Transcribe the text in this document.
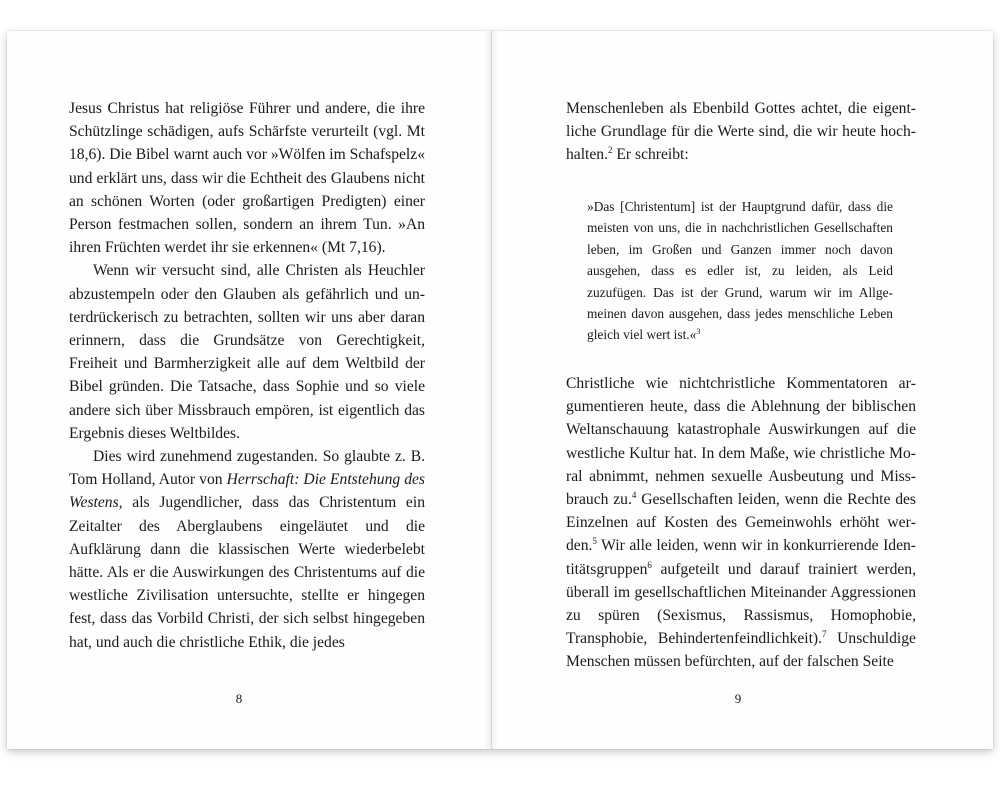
Jesus Christus hat religiöse Führer und andere, die ihre Schützlinge schädigen, aufs Schärfste verurteilt (vgl. Mt 18,6). Die Bibel warnt auch vor »Wölfen im Schafspelz« und erklärt uns, dass wir die Echtheit des Glaubens nicht an schönen Worten (oder großartigen Predigten) einer Person festmachen sollen, sondern an ihrem Tun. »An ihren Früchten werdet ihr sie erkennen« (Mt 7,16).

Wenn wir versucht sind, alle Christen als Heuchler abzustempeln oder den Glauben als gefährlich und unterdrückerisch zu betrachten, sollten wir uns aber daran erinnern, dass die Grundsätze von Gerechtigkeit, Freiheit und Barmherzigkeit alle auf dem Weltbild der Bibel gründen. Die Tatsache, dass Sophie und so viele andere sich über Missbrauch empören, ist eigentlich das Ergebnis dieses Weltbildes.

Dies wird zunehmend zugestanden. So glaubte z. B. Tom Holland, Autor von Herrschaft: Die Entstehung des Westens, als Jugendlicher, dass das Christentum ein Zeitalter des Aberglaubens eingeläutet und die Aufklärung dann die klassischen Werte wiederbelebt hätte. Als er die Auswirkungen des Christentums auf die westliche Zivilisation untersuchte, stellte er hingegen fest, dass das Vorbild Christi, der sich selbst hingegeben hat, und auch die christliche Ethik, die jedes

8

Menschenleben als Ebenbild Gottes achtet, die eigentliche Grundlage für die Werte sind, die wir heute hochhalten.$^2$ Er schreibt:

»Das [Christentum] ist der Hauptgrund dafür, dass die meisten von uns, die in nachchristlichen Gesellschaften leben, im Großen und Ganzen immer noch davon ausgehen, dass es edler ist, zu leiden, als Leid zuzufügen. Das ist der Grund, warum wir im Allgemeinen davon ausgehen, dass jedes menschliche Leben gleich viel wert ist.«$^3$

Christliche wie nichtchristliche Kommentatoren argumentieren heute, dass die Ablehnung der biblischen Weltanschauung katastrophale Auswirkungen auf die westliche Kultur hat. In dem Maße, wie christliche Moral abnimmt, nehmen sexuelle Ausbeutung und Missbrauch zu.$^4$ Gesellschaften leiden, wenn die Rechte des Einzelnen auf Kosten des Gemeinwohls erhöht werden.$^5$ Wir alle leiden, wenn wir in konkurrierende Identitätsgruppen$^6$ aufgeteilt und darauf trainiert werden, überall im gesellschaftlichen Miteinander Aggressionen zu spüren (Sexismus, Rassismus, Homophobie, Transphobie, Behindertenfeindlichkeit).$^7$ Unschuldige Menschen müssen befürchten, auf der falschen Seite

9
